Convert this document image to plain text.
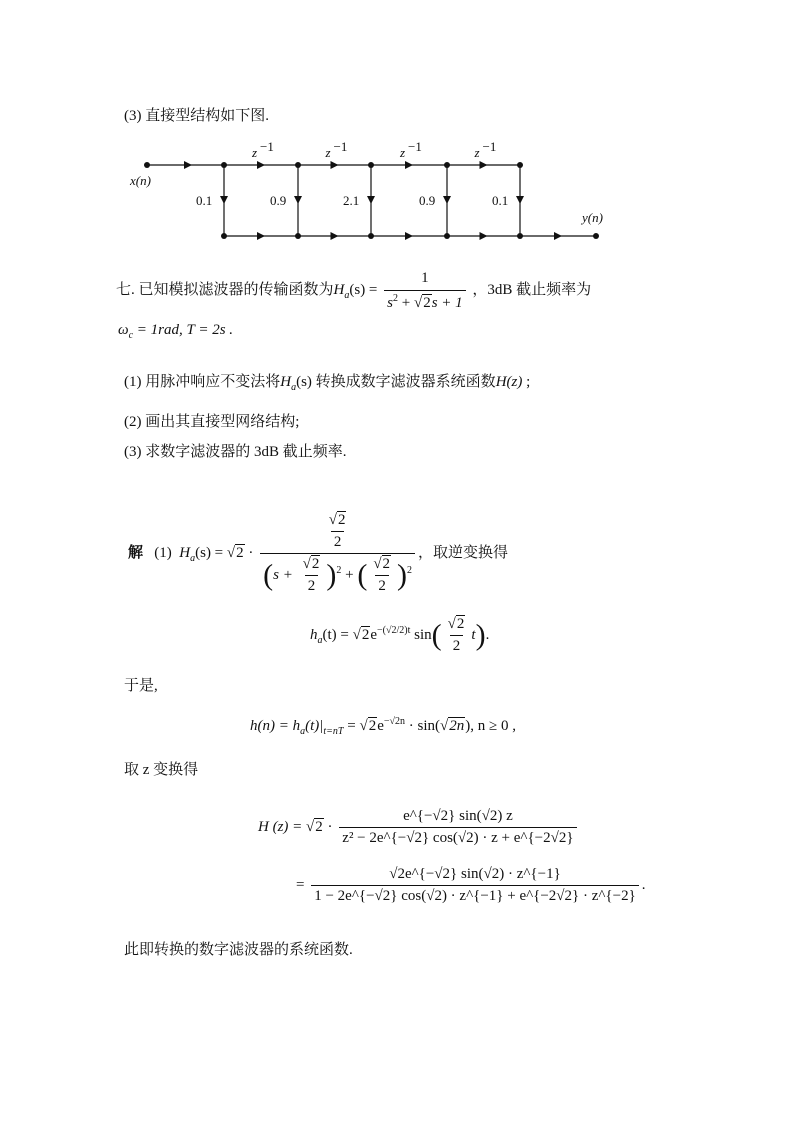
(3) 直接型结构如下图.
z −1	z −1	z −1	z −1
0.1	0.9	2.1	0.9	0.1
x(n)
y(n)
七. 已知模拟滤波器的传输函数为$H_a(s) = \frac{1}{s^2 + √2s + 1}$ ，3dB 截止频率为
$\omega_c = 1rad$, T = 2s .
(1) 用脉冲响应不变法将$H_a(s)$ 转换成数字滤波器系统函数H(z) ;
(2) 画出其直接型网络结构;
(3) 求数字滤波器的 3dB 截止频率.
解 (1) $H_a(s) = √2 \cdot \frac{\frac{√2}{2}}{(s + \frac{√2}{2} )^2 + ( \frac{√2}{2} )^2}$ ，取逆变换得
$h_a(t) = √2e^{-(√2/2)t}$ $\sin( \frac{√2}{2} t)$.
于是,
$h(n) = h_a(t)|_{t=nT} = √2e^{-√2n} \cdot \sin(√2n)$, n ≥ 0 ,
取 z 变换得
H $(z) = √2 \cdot \frac{e\^{}\{-√2\} \sin(√2) z}{\text{z² − 2e\textasciicircum{}\{−√2\} cos(√2) · z + e\textasciicircum{}\{−2√2\}}}$
= $\frac{√2e\^{}\{-√2\} \sin(√2) \cdot z\^{}\{-1\}}{1 - 2e\^{}\{-√2\} \cos(√2) \cdot z\^{}\{-1\} + e\^{}\{-2√2\} \cdot z\^{}\{-2\}}$ .
此即转换的数字滤波器的系统函数.
